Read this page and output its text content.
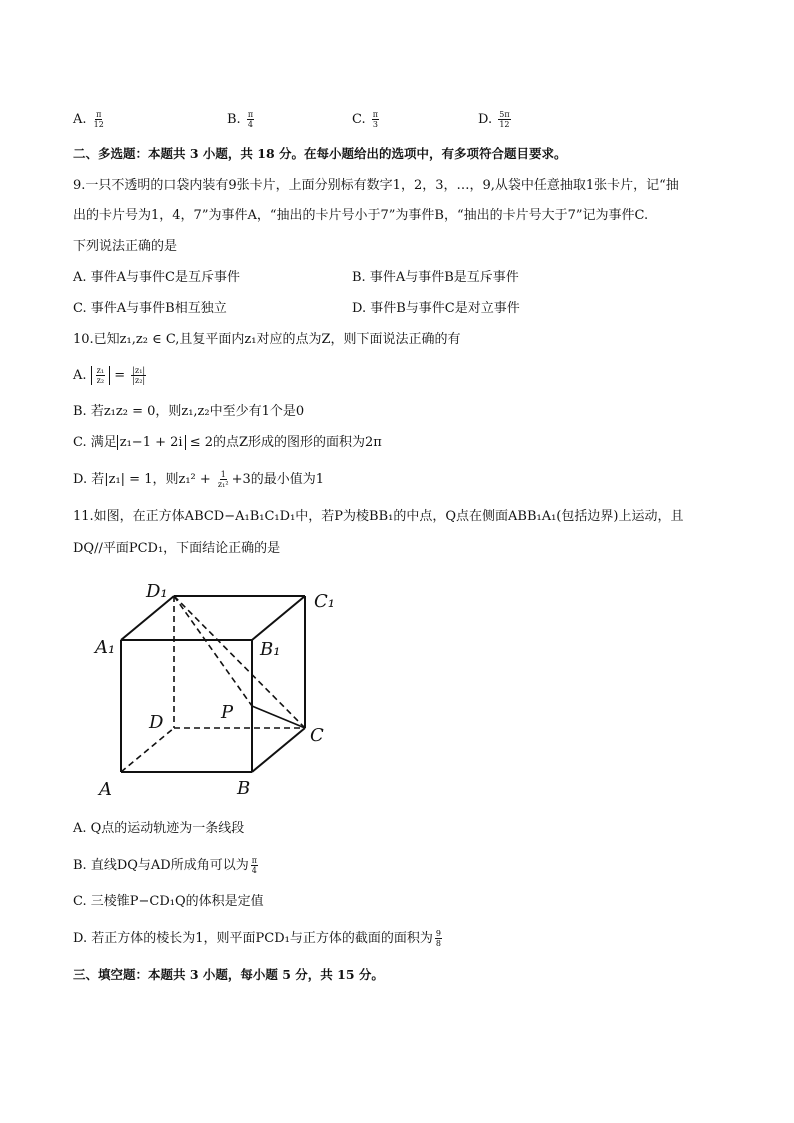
A. $\frac{\pi}{12}$	B. $\frac{\pi}{4}$	C. $\frac{\pi}{3}$	D. $\frac{5\pi}{12}$
二、多选题：本题共 3 小题，共 18 分。在每小题给出的选项中，有多项符合题目要求。
9.一只不透明的口袋内装有9张卡片，上面分别标有数字1，2，3，…，9,从袋中任意抽取1张卡片，记“抽
出的卡片号为1，4，7”为事件A，“抽出的卡片号小于7”为事件B，“抽出的卡片号大于7”记为事件C.
下列说法正确的是
A. 事件A与事件C是互斥事件	B. 事件A与事件B是互斥事件
C. 事件A与事件B相互独立	D. 事件B与事件C是对立事件
10.已知z₁,z₂ ∈ C,且复平面内z₁对应的点为Z，则下面说法正确的有
A. $\frac{\text{z₁}}{\text{z₂}} = \frac{\text{|z₁|}}{\text{|z₂|}}$
B. 若z₁z₂ = 0，则z₁,z₂中至少有1个是0
C. 满足 z₁−1 + 2i ≤ 2的点Z形成的图形的面积为2π
D. 若|z₁| = 1，则$z_1^2 + \frac{1}{\text{z₁²}} +3$的最小值为1
11.如图，在正方体ABCD−A₁B₁C₁D₁中，若P为棱BB₁的中点，Q点在侧面ABB₁A₁(包括边界)上运动，且
DQ//平面PCD₁，下面结论正确的是
D₁	C₁
A₁	B₁
D	P
C
A	B
A. Q点的运动轨迹为一条线段
B. 直线DQ与AD所成角可以为 $\frac{\pi}{4}$
C. 三棱锥P−CD₁Q的体积是定值
D. 若正方体的棱长为1，则平面PCD₁与正方体的截面的面积为 $\frac{9}{8}$
三、填空题：本题共 3 小题，每小题 5 分，共 15 分。
